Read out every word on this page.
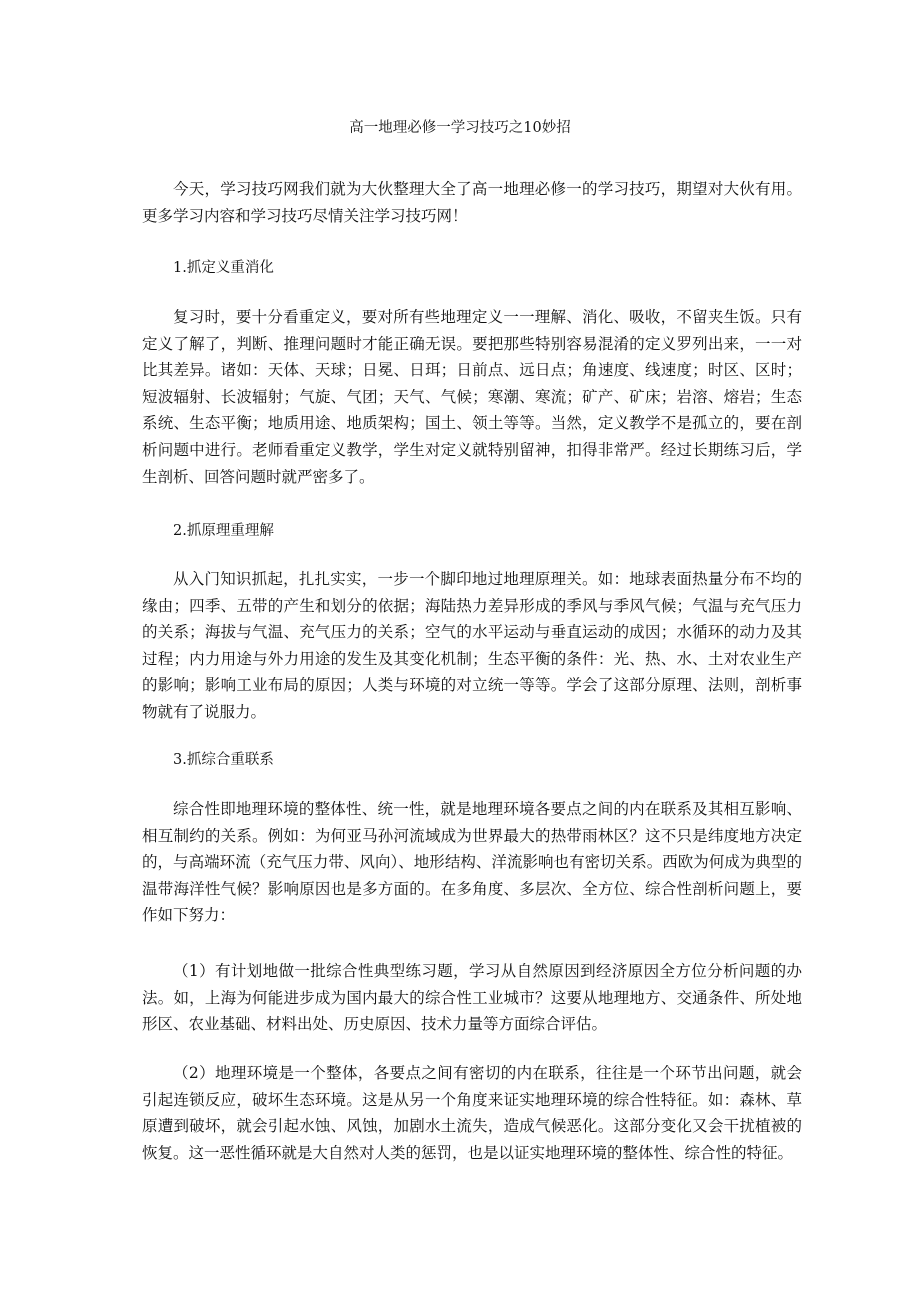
高一地理必修一学习技巧之10妙招

今天，学习技巧网我们就为大伙整理大全了高一地理必修一的学习技巧，期望对大伙有用。更多学习内容和学习技巧尽情关注学习技巧网！

1.抓定义重消化

复习时，要十分看重定义，要对所有些地理定义一一理解、消化、吸收，不留夹生饭。只有定义了解了，判断、推理问题时才能正确无误。要把那些特别容易混淆的定义罗列出来，一一对比其差异。诸如：天体、天球；日冕、日珥；日前点、远日点；角速度、线速度；时区、区时；短波辐射、长波辐射；气旋、气团；天气、气候；寒潮、寒流；矿产、矿床；岩溶、熔岩；生态系统、生态平衡；地质用途、地质架构；国土、领土等等。当然，定义教学不是孤立的，要在剖析问题中进行。老师看重定义教学，学生对定义就特别留神，扣得非常严。经过长期练习后，学生剖析、回答问题时就严密多了。

2.抓原理重理解

从入门知识抓起，扎扎实实，一步一个脚印地过地理原理关。如：地球表面热量分布不均的缘由；四季、五带的产生和划分的依据；海陆热力差异形成的季风与季风气候；气温与充气压力的关系；海拔与气温、充气压力的关系；空气的水平运动与垂直运动的成因；水循环的动力及其过程；内力用途与外力用途的发生及其变化机制；生态平衡的条件：光、热、水、土对农业生产的影响；影响工业布局的原因；人类与环境的对立统一等等。学会了这部分原理、法则，剖析事物就有了说服力。

3.抓综合重联系

综合性即地理环境的整体性、统一性，就是地理环境各要点之间的内在联系及其相互影响、相互制约的关系。例如：为何亚马孙河流域成为世界最大的热带雨林区？这不只是纬度地方决定的，与高端环流（充气压力带、风向）、地形结构、洋流影响也有密切关系。西欧为何成为典型的温带海洋性气候？影响原因也是多方面的。在多角度、多层次、全方位、综合性剖析问题上，要作如下努力：

（1）有计划地做一批综合性典型练习题，学习从自然原因到经济原因全方位分析问题的办法。如，上海为何能进步成为国内最大的综合性工业城市？这要从地理地方、交通条件、所处地形区、农业基础、材料出处、历史原因、技术力量等方面综合评估。

（2）地理环境是一个整体，各要点之间有密切的内在联系，往往是一个环节出问题，就会引起连锁反应，破坏生态环境。这是从另一个角度来证实地理环境的综合性特征。如：森林、草原遭到破坏，就会引起水蚀、风蚀，加剧水土流失，造成气候恶化。这部分变化又会干扰植被的恢复。这一恶性循环就是大自然对人类的惩罚，也是以证实地理环境的整体性、综合性的特征。
